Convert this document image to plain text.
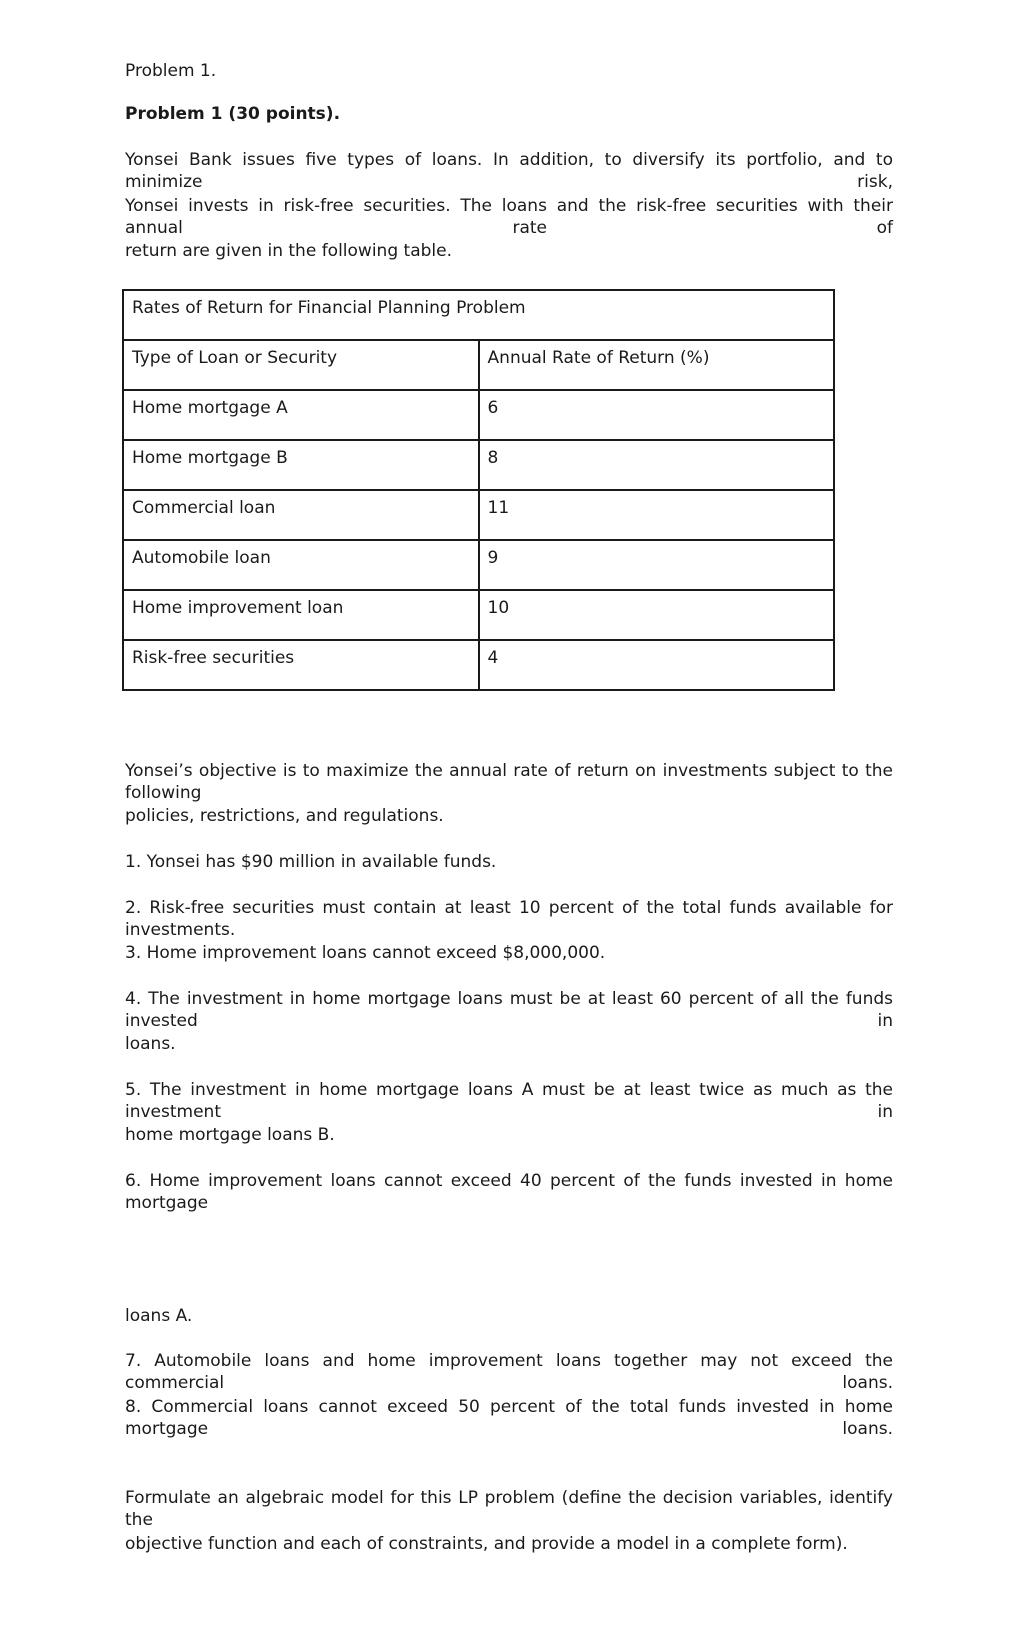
Problem 1.
Problem 1 (30 points).
Yonsei Bank issues five types of loans. In addition, to diversify its portfolio, and to minimize risk,
Yonsei invests in risk-free securities. The loans and the risk-free securities with their annual rate of
return are given in the following table.
Rates of Return for Financial Planning Problem	
Type of Loan or Security	Annual Rate of Return (%)
Home mortgage A	6
Home mortgage B	8
Commercial loan	11
Automobile loan	9
Home improvement loan	10
Risk-free securities	4
Yonsei’s objective is to maximize the annual rate of return on investments subject to the following
policies, restrictions, and regulations.
1. Yonsei has $90 million in available funds.
2. Risk-free securities must contain at least 10 percent of the total funds available for investments.
3. Home improvement loans cannot exceed $8,000,000.
4. The investment in home mortgage loans must be at least 60 percent of all the funds invested in
loans.
5. The investment in home mortgage loans A must be at least twice as much as the investment in
home mortgage loans B.
6. Home improvement loans cannot exceed 40 percent of the funds invested in home mortgage
loans A.
7. Automobile loans and home improvement loans together may not exceed the commercial loans.
8. Commercial loans cannot exceed 50 percent of the total funds invested in home mortgage loans.
Formulate an algebraic model for this LP problem (define the decision variables, identify the
objective function and each of constraints, and provide a model in a complete form).
